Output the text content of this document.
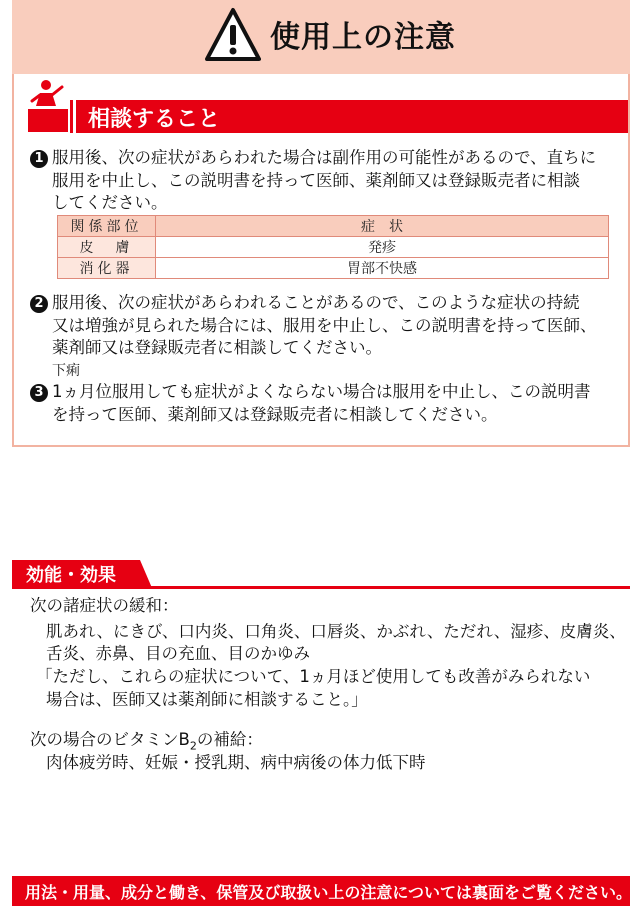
使用上の注意
相談すること
1 服用後、次の症状があらわれた場合は副作用の可能性があるので、直ちに
服用を中止し、この説明書を持って医師、薬剤師又は登録販売者に相談
してください。
関係部位	症　状
皮　膚	発疹
消化器	胃部不快感
2 服用後、次の症状があらわれることがあるので、このような症状の持続
又は増強が見られた場合には、服用を中止し、この説明書を持って医師、
薬剤師又は登録販売者に相談してください。
下痢
3 1ヵ月位服用しても症状がよくならない場合は服用を中止し、この説明書
を持って医師、薬剤師又は登録販売者に相談してください。
効能・効果
次の諸症状の緩和：
肌あれ、にきび、口内炎、口角炎、口唇炎、かぶれ、ただれ、湿疹、皮膚炎、
舌炎、赤鼻、目の充血、目のかゆみ
「ただし、これらの症状について、1ヵ月ほど使用しても改善がみられない
場合は、医師又は薬剤師に相談すること。」
次の場合のビタミン$B_2$の補給：
肉体疲労時、妊娠・授乳期、病中病後の体力低下時
用法・用量、成分と働き、保管及び取扱い上の注意については裏面をご覧ください。
